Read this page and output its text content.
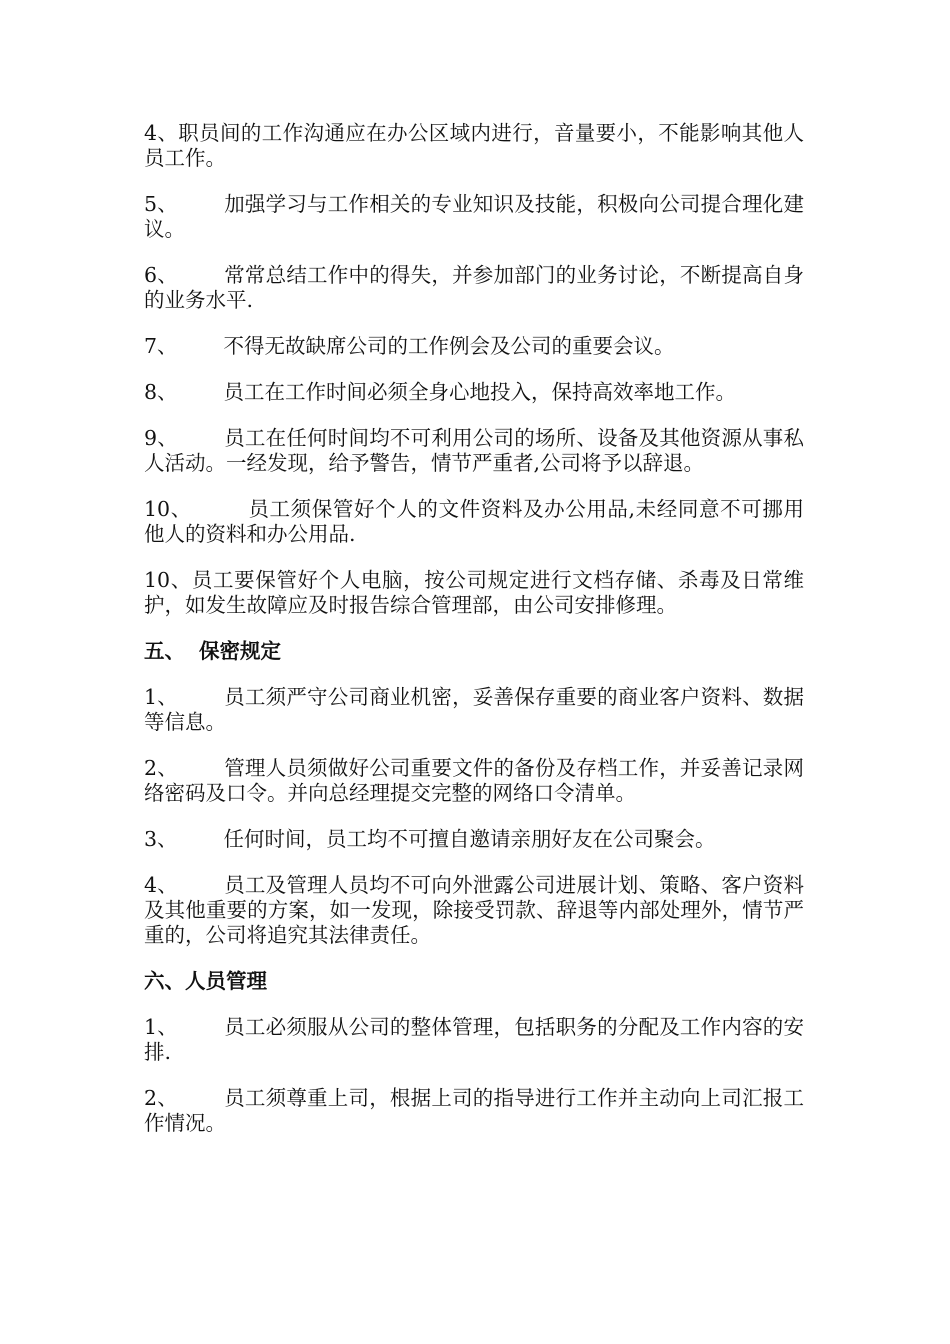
4、职员间的工作沟通应在办公区域内进行，音量要小，不能影响其他人员工作。

5、 加强学习与工作相关的专业知识及技能，积极向公司提合理化建议。

6、 常常总结工作中的得失，并参加部门的业务讨论，不断提高自身的业务水平.

7、 不得无故缺席公司的工作例会及公司的重要会议。

8、 员工在工作时间必须全身心地投入，保持高效率地工作。

9、 员工在任何时间均不可利用公司的场所、设备及其他资源从事私人活动。一经发现，给予警告，情节严重者,公司将予以辞退。

10、	员工须保管好个人的文件资料及办公用品,未经同意不可挪用他人的资料和办公用品.

10、员工要保管好个人电脑，按公司规定进行文档存储、杀毒及日常维护，如发生故障应及时报告综合管理部，由公司安排修理。

五、 保密规定

1、 员工须严守公司商业机密，妥善保存重要的商业客户资料、数据等信息。

2、 管理人员须做好公司重要文件的备份及存档工作，并妥善记录网络密码及口令。并向总经理提交完整的网络口令清单。

3、 任何时间，员工均不可擅自邀请亲朋好友在公司聚会。

4、 员工及管理人员均不可向外泄露公司进展计划、策略、客户资料及其他重要的方案，如一发现，除接受罚款、辞退等内部处理外，情节严重的，公司将追究其法律责任。

六、人员管理

1、 员工必须服从公司的整体管理，包括职务的分配及工作内容的安排.

2、 员工须尊重上司，根据上司的指导进行工作并主动向上司汇报工作情况。
